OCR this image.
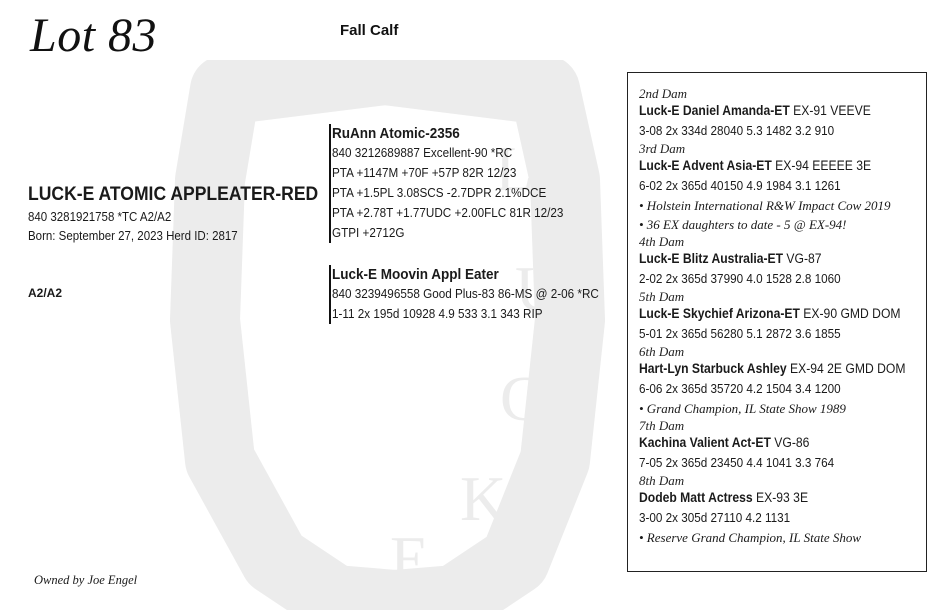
L
U
C
K
E
Lot 83	Fall Calf
LUCK-E ATOMIC APPLEATER-RED
840 3281921758 *TC A2/A2
Born: September 27, 2023 Herd ID: 2817
A2/A2
RuAnn Atomic-2356
840 3212689887 Excellent-90 *RC
PTA +1147M +70F +57P 82R 12/23
PTA +1.5PL 3.08SCS -2.7DPR 2.1%DCE
PTA +2.78T +1.77UDC +2.00FLC 81R 12/23
GTPI +2712G
Luck-E Moovin Appl Eater
840 3239496558 Good Plus-83 86-MS @ 2-06 *RC
1-11 2x 195d 10928 4.9 533 3.1 343 RIP
2nd Dam
Luck-E Daniel Amanda-ET EX-91 VEEVE
3-08 2x 334d 28040 5.3 1482 3.2 910
3rd Dam
Luck-E Advent Asia-ET EX-94 EEEEE 3E
6-02 2x 365d 40150 4.9 1984 3.1 1261
• Holstein International R&W Impact Cow 2019
• 36 EX daughters to date - 5 @ EX-94!
4th Dam
Luck-E Blitz Australia-ET VG-87
2-02 2x 365d 37990 4.0 1528 2.8 1060
5th Dam
Luck-E Skychief Arizona-ET EX-90 GMD DOM
5-01 2x 365d 56280 5.1 2872 3.6 1855
6th Dam
Hart-Lyn Starbuck Ashley EX-94 2E GMD DOM
6-06 2x 365d 35720 4.2 1504 3.4 1200
• Grand Champion, IL State Show 1989
7th Dam
Kachina Valient Act-ET VG-86
7-05 2x 365d 23450 4.4 1041 3.3 764
8th Dam
Dodeb Matt Actress EX-93 3E
3-00 2x 305d 27110 4.2 1131
• Reserve Grand Champion, IL State Show
Owned by Joe Engel
